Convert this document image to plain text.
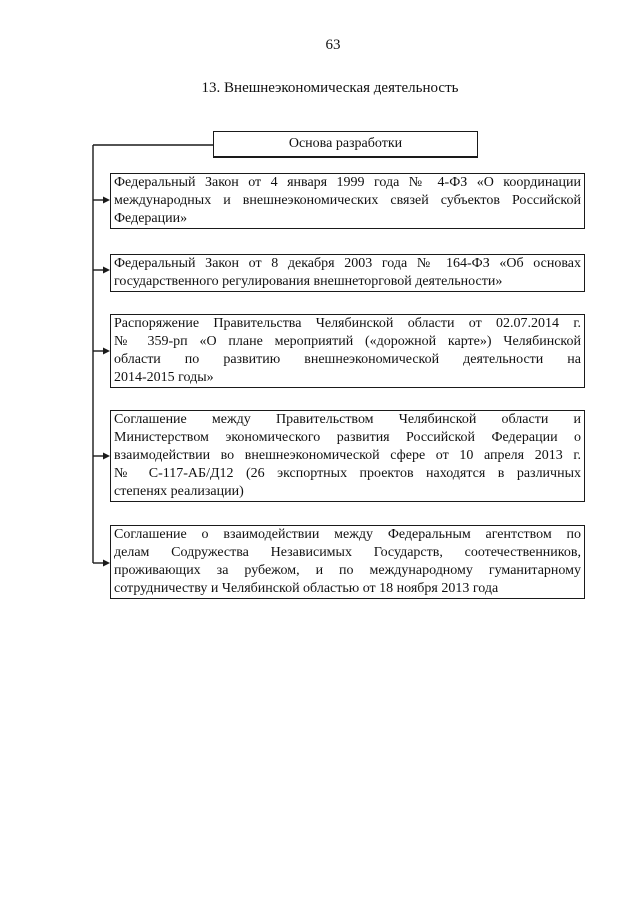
63
13. Внешнеэкономическая деятельность
Основа разработки
Федеральный Закон от 4 января 1999 года № 4-ФЗ «О координации
международных и внешнеэкономических связей субъектов Российской
Федерации»
Федеральный Закон от 8 декабря 2003 года № 164-ФЗ «Об основах
государственного регулирования внешнеторговой деятельности»
Распоряжение Правительства Челябинской области от 02.07.2014 г.
№ 359-рп «О плане мероприятий («дорожной карте») Челябинской
области по развитию внешнеэкономической деятельности на
2014-2015 годы»
Соглашение между Правительством Челябинской области и
Министерством экономического развития Российской Федерации о
взаимодействии во внешнеэкономической сфере от 10 апреля 2013 г.
№ С-117-АБ/Д12 (26 экспортных проектов находятся в различных
степенях реализации)
Соглашение о взаимодействии между Федеральным агентством по
делам Содружества Независимых Государств, соотечественников,
проживающих за рубежом, и по международному гуманитарному
сотрудничеству и Челябинской областью от 18 ноября 2013 года
